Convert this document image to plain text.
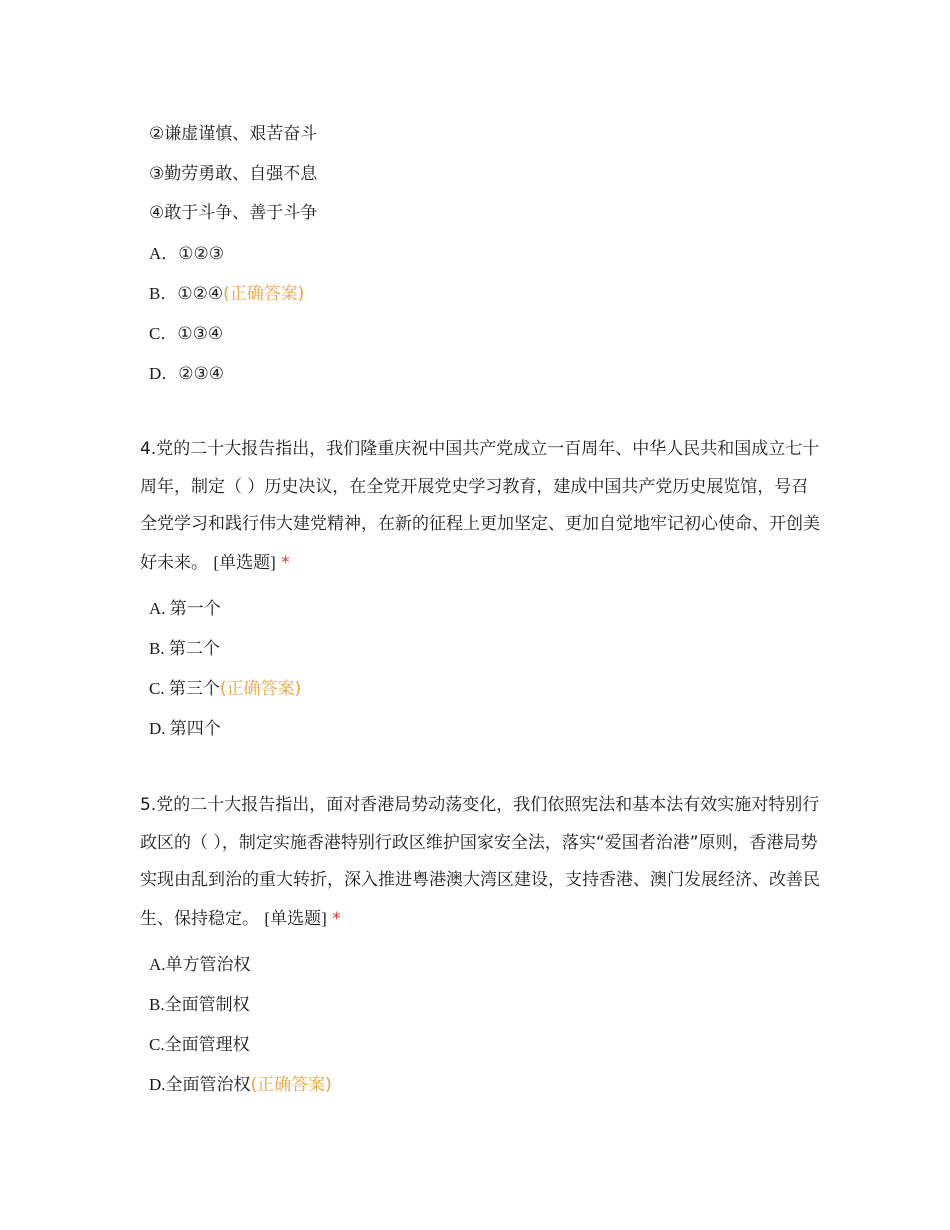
②谦虚谨慎、艰苦奋斗
③勤劳勇敢、自强不息
④敢于斗争、善于斗争
A．①②③
B．①②④(正确答案)
C．①③④
D．②③④
4.党的二十大报告指出，我们隆重庆祝中国共产党成立一百周年、中华人民共和国成立七十周年，制定（ ）历史决议，在全党开展党史学习教育，建成中国共产党历史展览馆，号召全党学习和践行伟大建党精神，在新的征程上更加坚定、更加自觉地牢记初心使命、开创美好未来。 [单选题] *
A. 第一个
B. 第二个
C. 第三个(正确答案)
D. 第四个
5.党的二十大报告指出，面对香港局势动荡变化，我们依照宪法和基本法有效实施对特别行政区的（ ），制定实施香港特别行政区维护国家安全法，落实“爱国者治港”原则，香港局势实现由乱到治的重大转折，深入推进粤港澳大湾区建设，支持香港、澳门发展经济、改善民生、保持稳定。 [单选题] *
A.单方管治权
B.全面管制权
C.全面管理权
D.全面管治权(正确答案)
